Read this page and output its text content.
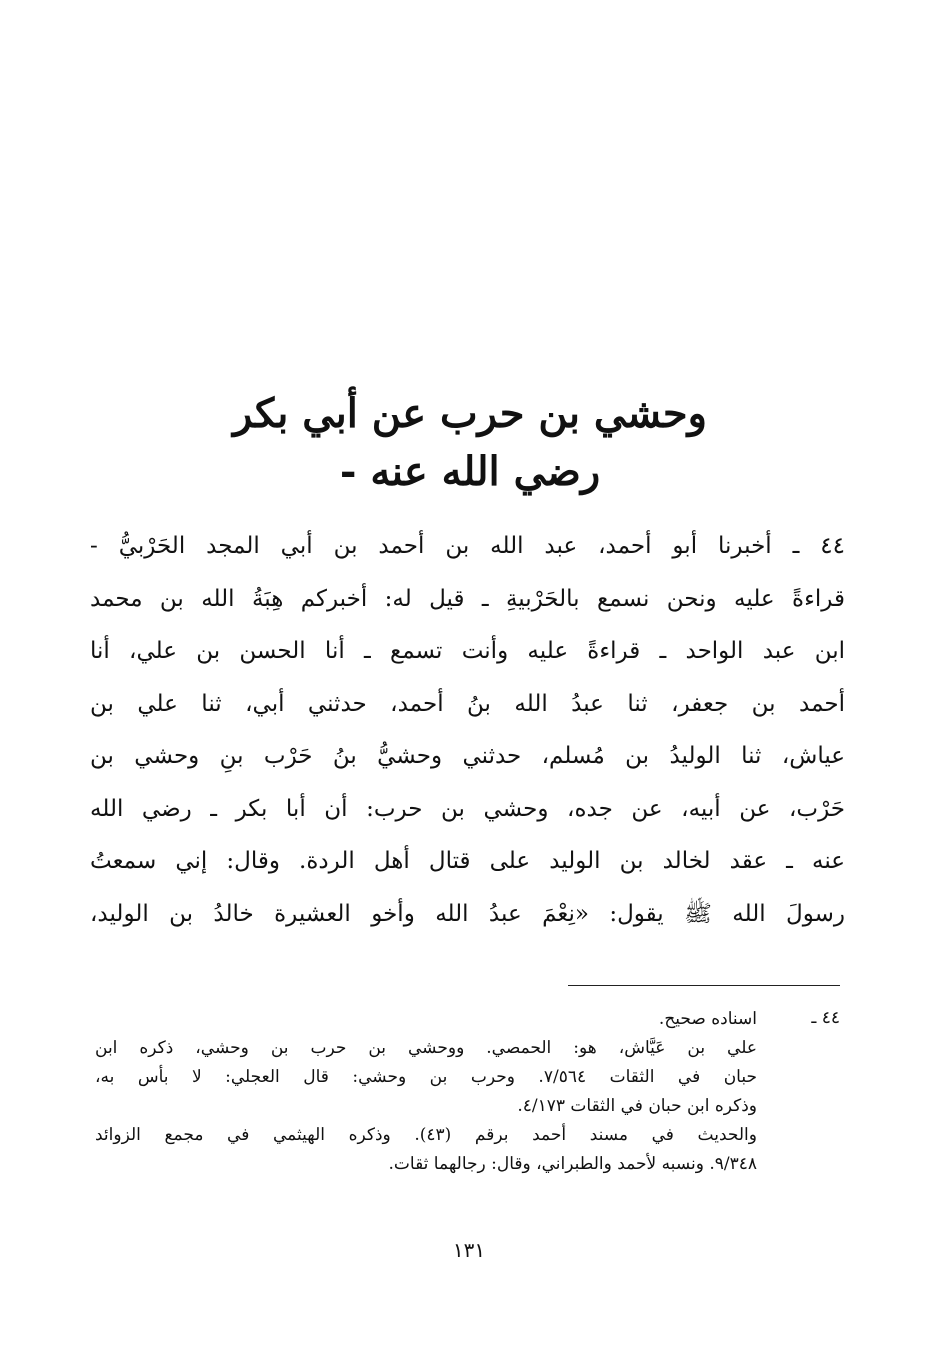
وحشي بن حرب عن أبي بكر
رضي الله عنه -
٤٤ ـ أخبرنا أبو أحمد، عبد الله بن أحمد بن أبي المجد الحَرْبيُّ -
قراءةً عليه ونحن نسمع بالحَرْبيةِ ـ قيل له: أخبركم هِبَةُ الله بن محمد
ابن عبد الواحد ـ قراءةً عليه وأنت تسمع ـ أنا الحسن بن علي، أنا
أحمد بن جعفر، ثنا عبدُ الله بنُ أحمد، حدثني أبي، ثنا علي بن
عياش، ثنا الوليدُ بن مُسلم، حدثني وحشيُّ بنُ حَرْب بنِ وحشي بن
حَرْب، عن أبيه، عن جده، وحشي بن حرب: أن أبا بكر ـ رضي الله
عنه ـ عقد لخالد بن الوليد على قتال أهل الردة. وقال: إني سمعتُ
رسولَ الله ﷺ يقول: «نِعْمَ عبدُ الله وأخو العشيرة خالدُ بن الوليد،
٤٤ ـ
اسناده صحيح.
علي بن عَيَّاش، هو: الحمصي. ووحشي بن حرب بن وحشي، ذكره ابن
حبان في الثقات ٧/٥٦٤. وحرب بن وحشي: قال العجلي: لا بأس به،
وذكره ابن حبان في الثقات ٤/١٧٣.
والحديث في مسند أحمد برقم (٤٣). وذكره الهيثمي في مجمع الزوائد
٩/٣٤٨. ونسبه لأحمد والطبراني، وقال: رجالهما ثقات.
١٣١
